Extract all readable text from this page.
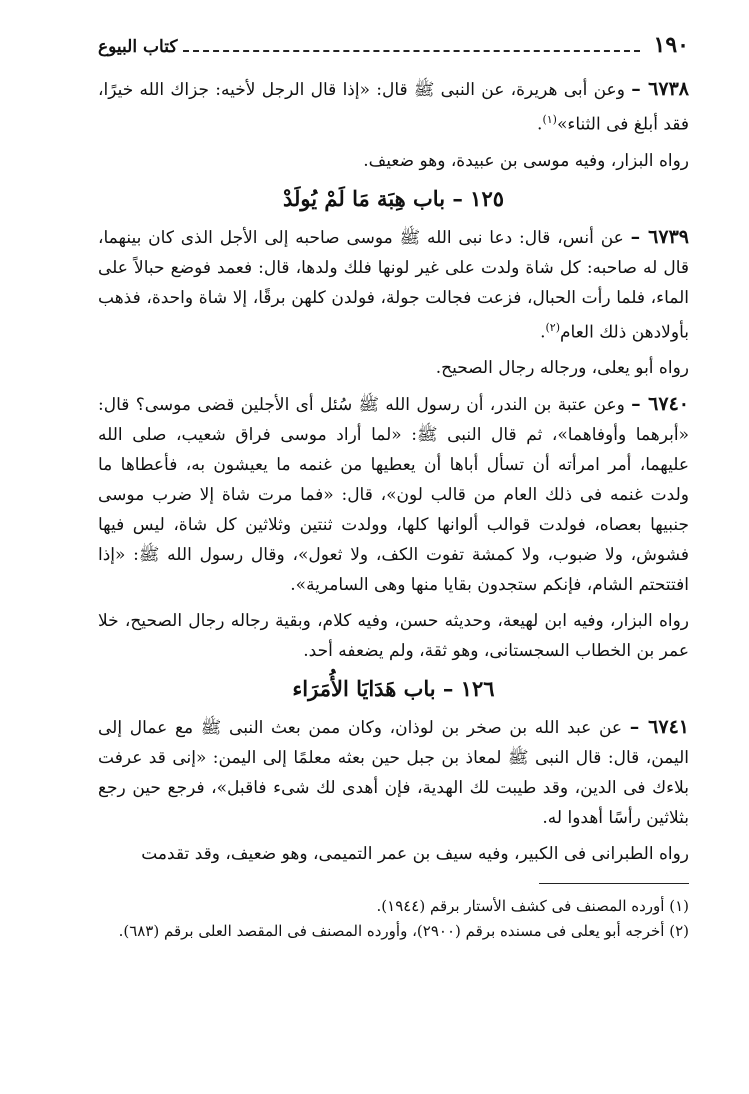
١٩٠
كتاب البيوع

٦٧٣٨ – وعن أبى هريرة، عن النبى ﷺ قال: «إذا قال الرجل لأخيه: جزاك الله خيرًا، فقد أبلغ فى الثناء»$^{(١)}$.

رواه البزار، وفيه موسى بن عبيدة، وهو ضعيف.

١٢٥ – باب هِبَة مَا لَمْ يُولَدْ

٦٧٣٩ – عن أنس، قال: دعا نبى الله ﷺ موسى صاحبه إلى الأجل الذى كان بينهما، قال له صاحبه: كل شاة ولدت على غير لونها فلك ولدها، قال: فعمد فوضع حبالاً على الماء، فلما رأت الحبال، فزعت فجالت جولة، فولدن كلهن برقًا، إلا شاة واحدة، فذهب بأولادهن ذلك العام$^{(٢)}$.

رواه أبو يعلى، ورجاله رجال الصحيح.

٦٧٤٠ – وعن عتبة بن الندر، أن رسول الله ﷺ سُئل أى الأجلين قضى موسى؟ قال: «أبرهما وأوفاهما»، ثم قال النبى ﷺ: «لما أراد موسى فراق شعيب، صلى الله عليهما، أمر امرأته أن تسأل أباها أن يعطيها من غنمه ما يعيشون به، فأعطاها ما ولدت غنمه فى ذلك العام من قالب لون»، قال: «فما مرت شاة إلا ضرب موسى جنبيها بعصاه، فولدت قوالب ألوانها كلها، وولدت ثنتين وثلاثين كل شاة، ليس فيها فشوش، ولا ضبوب، ولا كمشة تفوت الكف، ولا ثعول»، وقال رسول الله ﷺ: «إذا افتتحتم الشام، فإنكم ستجدون بقايا منها وهى السامرية».

رواه البزار، وفيه ابن لهيعة، وحديثه حسن، وفيه كلام، وبقية رجاله رجال الصحيح، خلا عمر بن الخطاب السجستانى، وهو ثقة، ولم يضعفه أحد.

١٢٦ – باب هَدَايَا الأُمَرَاء

٦٧٤١ – عن عبد الله بن صخر بن لوذان، وكان ممن بعث النبى ﷺ مع عمال إلى اليمن، قال: قال النبى ﷺ لمعاذ بن جبل حين بعثه معلمًا إلى اليمن: «إنى قد عرفت بلاءك فى الدين، وقد طيبت لك الهدية، فإن أهدى لك شىء فاقبل»، فرجع حين رجع بثلاثين رأسًا أهدوا له.

رواه الطبرانى فى الكبير، وفيه سيف بن عمر التميمى، وهو ضعيف، وقد تقدمت

(١) أورده المصنف فى كشف الأستار برقم (١٩٤٤).

(٢) أخرجه أبو يعلى فى مسنده برقم (٢٩٠٠)، وأورده المصنف فى المقصد العلى برقم (٦٨٣).
